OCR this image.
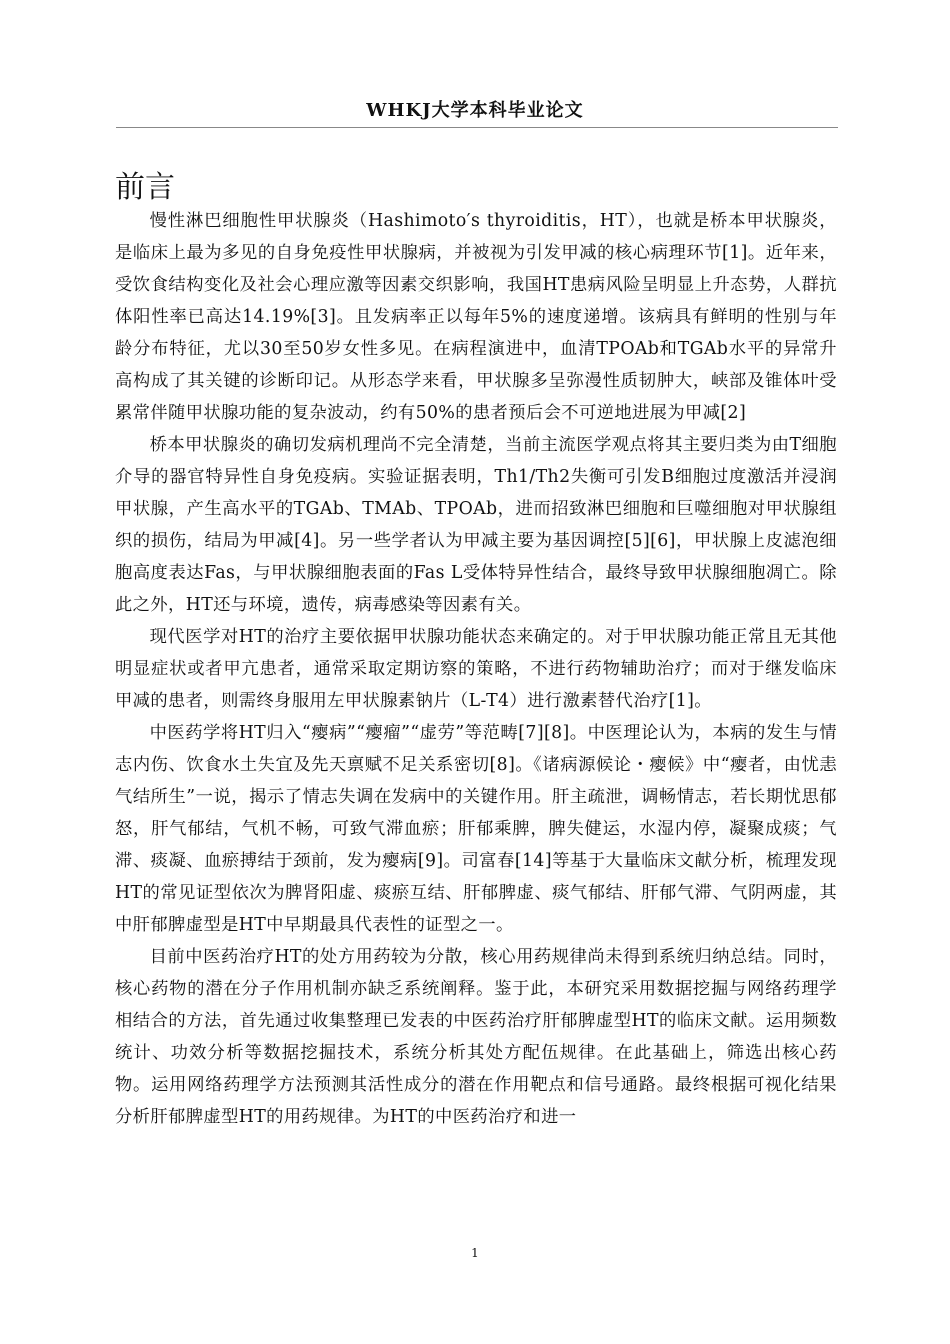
WHKJ大学本科毕业论文
前言

慢性淋巴细胞性甲状腺炎（Hashimoto′s thyroiditis，HT），也就是桥本甲状腺炎，是临床上最为多见的自身免疫性甲状腺病，并被视为引发甲减的核心病理环节[1]。近年来，受饮食结构变化及社会心理应激等因素交织影响，我国HT患病风险呈明显上升态势，人群抗体阳性率已高达14.19%[3]。且发病率正以每年5%的速度递增。该病具有鲜明的性别与年龄分布特征，尤以30至50岁女性多见。在病程演进中，血清TPOAb和TGAb水平的异常升高构成了其关键的诊断印记。从形态学来看，甲状腺多呈弥漫性质韧肿大，峡部及锥体叶受累常伴随甲状腺功能的复杂波动，约有50%的患者预后会不可逆地进展为甲减[2]

桥本甲状腺炎的确切发病机理尚不完全清楚，当前主流医学观点将其主要归类为由T细胞介导的器官特异性自身免疫病。实验证据表明，Th1/Th2失衡可引发B细胞过度激活并浸润甲状腺，产生高水平的TGAb、TMAb、TPOAb，进而招致淋巴细胞和巨噬细胞对甲状腺组织的损伤，结局为甲减[4]。另一些学者认为甲减主要为基因调控[5][6]，甲状腺上皮滤泡细胞高度表达Fas，与甲状腺细胞表面的Fas L受体特异性结合，最终导致甲状腺细胞凋亡。除此之外，HT还与环境，遗传，病毒感染等因素有关。

现代医学对HT的治疗主要依据甲状腺功能状态来确定的。对于甲状腺功能正常且无其他明显症状或者甲亢患者，通常采取定期访察的策略，不进行药物辅助治疗；而对于继发临床甲减的患者，则需终身服用左甲状腺素钠片（L-T4）进行激素替代治疗[1]。

中医药学将HT归入“瘿病”“瘿瘤”“虚劳”等范畴[7][8]。中医理论认为，本病的发生与情志内伤、饮食水土失宜及先天禀赋不足关系密切[8]。《诸病源候论・瘿候》中“瘿者，由忧恚气结所生”一说，揭示了情志失调在发病中的关键作用。肝主疏泄，调畅情志，若长期忧思郁怒，肝气郁结，气机不畅，可致气滞血瘀；肝郁乘脾，脾失健运，水湿内停，凝聚成痰；气滞、痰凝、血瘀搏结于颈前，发为瘿病[9]。司富春[14]等基于大量临床文献分析，梳理发现HT的常见证型依次为脾肾阳虚、痰瘀互结、肝郁脾虚、痰气郁结、肝郁气滞、气阴两虚，其中肝郁脾虚型是HT中早期最具代表性的证型之一。

目前中医药治疗HT的处方用药较为分散，核心用药规律尚未得到系统归纳总结。同时，核心药物的潜在分子作用机制亦缺乏系统阐释。鉴于此，本研究采用数据挖掘与网络药理学相结合的方法，首先通过收集整理已发表的中医药治疗肝郁脾虚型HT的临床文献。运用频数统计、功效分析等数据挖掘技术，系统分析其处方配伍规律。在此基础上，筛选出核心药物。运用网络药理学方法预测其活性成分的潜在作用靶点和信号通路。最终根据可视化结果分析肝郁脾虚型HT的用药规律。为HT的中医药治疗和进一

1
